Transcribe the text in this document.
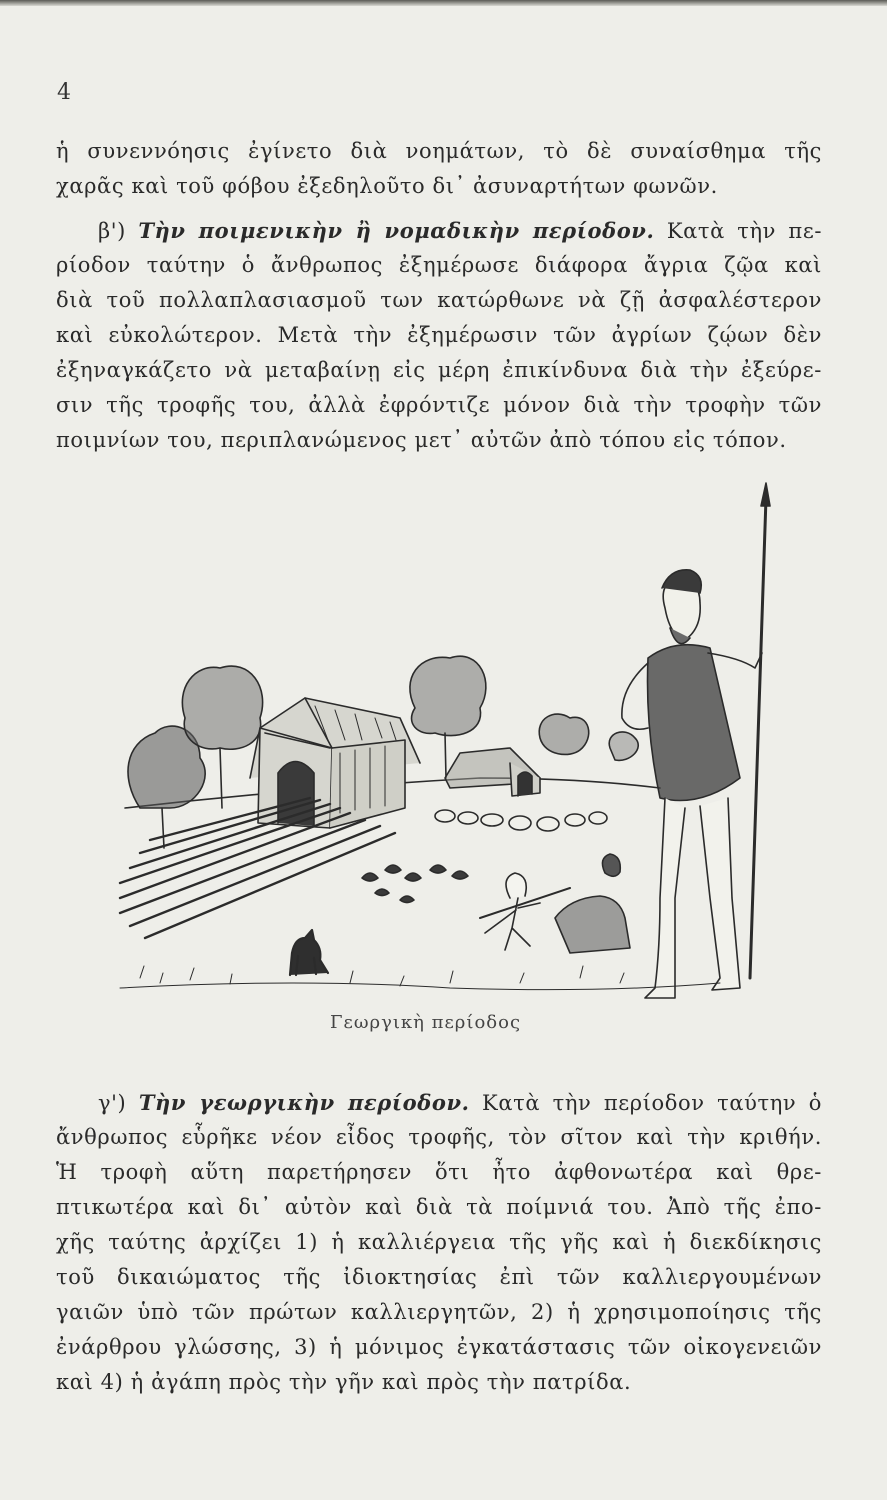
4
ἡ συνεννόησις ἐγίνετο διὰ νοημάτων, τὸ δὲ συναίσθημα τῆς
χαρᾶς καὶ τοῦ φόβου ἐξεδηλοῦτο δι᾽ ἀσυναρτήτων φωνῶν.
β') Τὴν ποιμενικὴν ἢ νομαδικὴν περίοδον. Κατὰ τὴν πε-
ρίοδον ταύτην ὁ ἄνθρωπος ἐξημέρωσε διάφορα ἄγρια ζῷα καὶ
διὰ τοῦ πολλαπλασιασμοῦ των κατώρθωνε νὰ ζῇ ἀσφαλέστερον
καὶ εὐκολώτερον. Μετὰ τὴν ἐξημέρωσιν τῶν ἀγρίων ζῴων δὲν
ἐξηναγκάζετο νὰ μεταβαίνῃ εἰς μέρη ἐπικίνδυνα διὰ τὴν ἐξεύρε-
σιν τῆς τροφῆς του, ἀλλὰ ἐφρόντιζε μόνον διὰ τὴν τροφὴν τῶν
ποιμνίων του, περιπλανώμενος μετ᾽ αὐτῶν ἀπὸ τόπου εἰς τόπον.
Γεωργικὴ περίοδος
γ') Τὴν γεωργικὴν περίοδον. Κατὰ τὴν περίοδον ταύτην ὁ
ἄνθρωπος εὗρῆκε νέον εἶδος τροφῆς, τὸν σῖτον καὶ τὴν κριθήν.
Ἡ τροφὴ αὕτη παρετήρησεν ὅτι ἦτο ἀφθονωτέρα καὶ θρε-
πτικωτέρα καὶ δι᾽ αὐτὸν καὶ διὰ τὰ ποίμνιά του. Ἀπὸ τῆς ἐπο-
χῆς ταύτης ἀρχίζει 1) ἡ καλλιέργεια τῆς γῆς καὶ ἡ διεκδίκησις
τοῦ δικαιώματος τῆς ἰδιοκτησίας ἐπὶ τῶν καλλιεργουμένων
γαιῶν ὑπὸ τῶν πρώτων καλλιεργητῶν, 2) ἡ χρησιμοποίησις τῆς
ἐνάρθρου γλώσσης, 3) ἡ μόνιμος ἐγκατάστασις τῶν οἰκογενειῶν
καὶ 4) ἡ ἀγάπη πρὸς τὴν γῆν καὶ πρὸς τὴν πατρίδα.
